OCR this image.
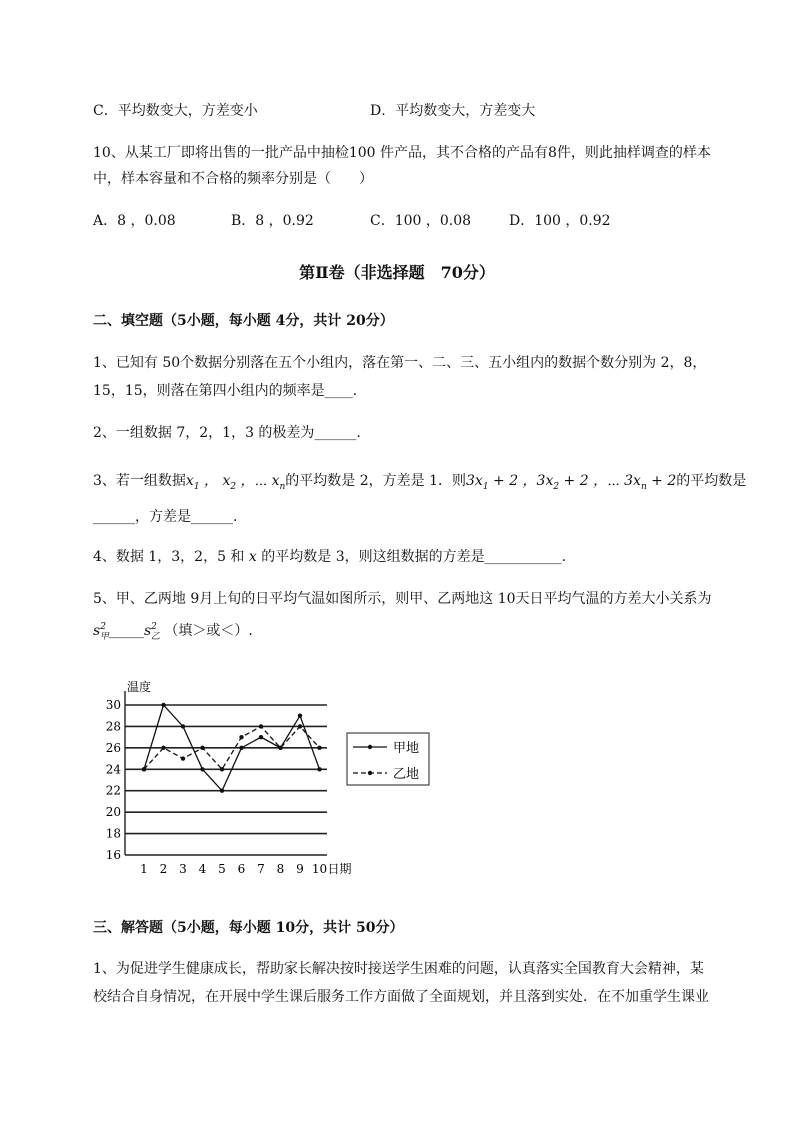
C．平均数变大，方差变小	D．平均数变大，方差变大
10、从某工厂即将出售的一批产品中抽检100 件产品，其不合格的产品有8件，则此抽样调查的样本
中，样本容量和不合格的频率分别是（　　）
A．8 ，0.08	B．8 ，0.92	C．100 ，0.08	D．100 ，0.92
第Ⅱ卷（非选择题　70分）
二、填空题（5小题，每小题 4分，共计 20分）
1、已知有 50个数据分别落在五个小组内，落在第一、二、三、五小组内的数据个数分别为 2，8，
15，15，则落在第四小组内的频率是____.
2、一组数据 7，2，1，3 的极差为______.
3、若一组数据$x_1$ ， $x_2$ ，⋯ $x_n$的平均数是 2，方差是 1．则$3x_1 + 2$ ，$3x_2 + 2$ ，⋯ $3x_n + 2$的平均数是
______，方差是______.
4、数据 1，3，2，5 和 x 的平均数是 3，则这组数据的方差是___________.
5、甲、乙两地 9月上旬的日平均气温如图所示，则甲、乙两地这 10天日平均气温的方差大小关系为
$s^2_甲\_\_\_\_\_s^2_乙$ （填＞或＜）.
16
18
20
22
24
26
28
30
温度
1 2 3 4 5 6 7 8 9 10 日期
甲地
乙地
三、解答题（5小题，每小题 10分，共计 50分）
1、为促进学生健康成长，帮助家长解决按时接送学生困难的问题，认真落实全国教育大会精神，某
校结合自身情况，在开展中学生课后服务工作方面做了全面规划，并且落到实处．在不加重学生课业
